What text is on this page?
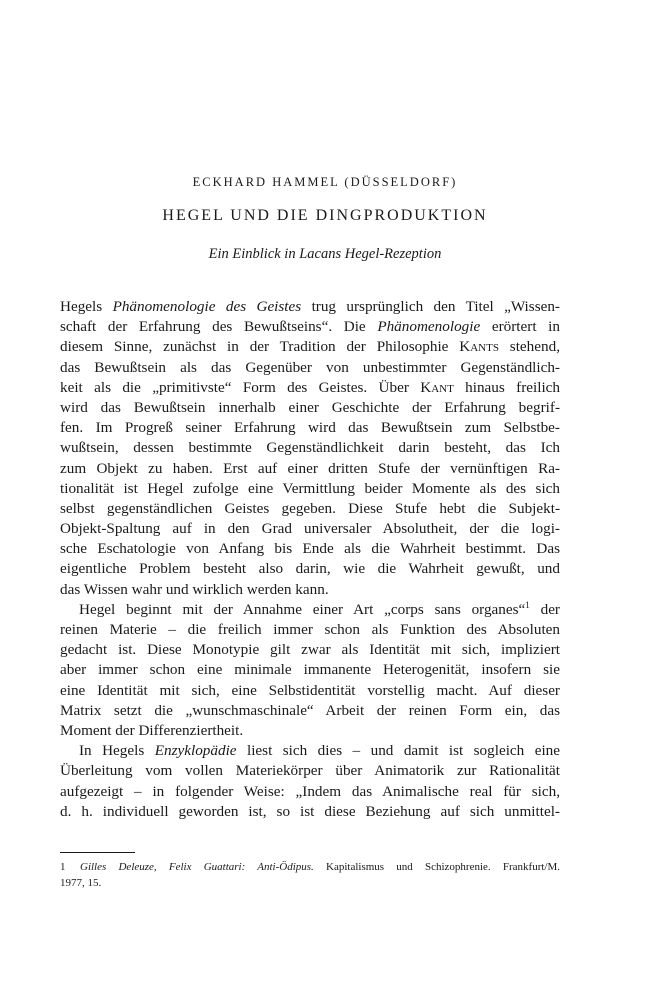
ECKHARD HAMMEL (DÜSSELDORF)
HEGEL UND DIE DINGPRODUKTION
Ein Einblick in Lacans Hegel-Rezeption
Hegels Phänomenologie des Geistes trug ursprünglich den Titel „Wissen-
schaft der Erfahrung des Bewußtseins“. Die Phänomenologie erörtert in
diesem Sinne, zunächst in der Tradition der Philosophie Kants stehend,
das Bewußtsein als das Gegenüber von unbestimmter Gegenständlich-
keit als die „primitivste“ Form des Geistes. Über Kant hinaus freilich
wird das Bewußtsein innerhalb einer Geschichte der Erfahrung begrif-
fen. Im Progreß seiner Erfahrung wird das Bewußtsein zum Selbstbe-
wußtsein, dessen bestimmte Gegenständlichkeit darin besteht, das Ich
zum Objekt zu haben. Erst auf einer dritten Stufe der vernünftigen Ra-
tionalität ist Hegel zufolge eine Vermittlung beider Momente als des sich
selbst gegenständlichen Geistes gegeben. Diese Stufe hebt die Subjekt-
Objekt-Spaltung auf in den Grad universaler Absolutheit, der die logi-
sche Eschatologie von Anfang bis Ende als die Wahrheit bestimmt. Das
eigentliche Problem besteht also darin, wie die Wahrheit gewußt, und
das Wissen wahr und wirklich werden kann.
Hegel beginnt mit der Annahme einer Art „corps sans organes“$^1$ der
reinen Materie – die freilich immer schon als Funktion des Absoluten
gedacht ist. Diese Monotypie gilt zwar als Identität mit sich, impliziert
aber immer schon eine minimale immanente Heterogenität, insofern sie
eine Identität mit sich, eine Selbstidentität vorstellig macht. Auf dieser
Matrix setzt die „wunschmaschinale“ Arbeit der reinen Form ein, das
Moment der Differenziertheit.
In Hegels Enzyklopädie liest sich dies – und damit ist sogleich eine
Überleitung vom vollen Materiekörper über Animatorik zur Rationalität
aufgezeigt – in folgender Weise: „Indem das Animalische real für sich,
d. h. individuell geworden ist, so ist diese Beziehung auf sich unmittel-
1 Gilles Deleuze, Felix Guattari: Anti-Ödipus. Kapitalismus und Schizophrenie. Frankfurt/M.
1977, 15.
